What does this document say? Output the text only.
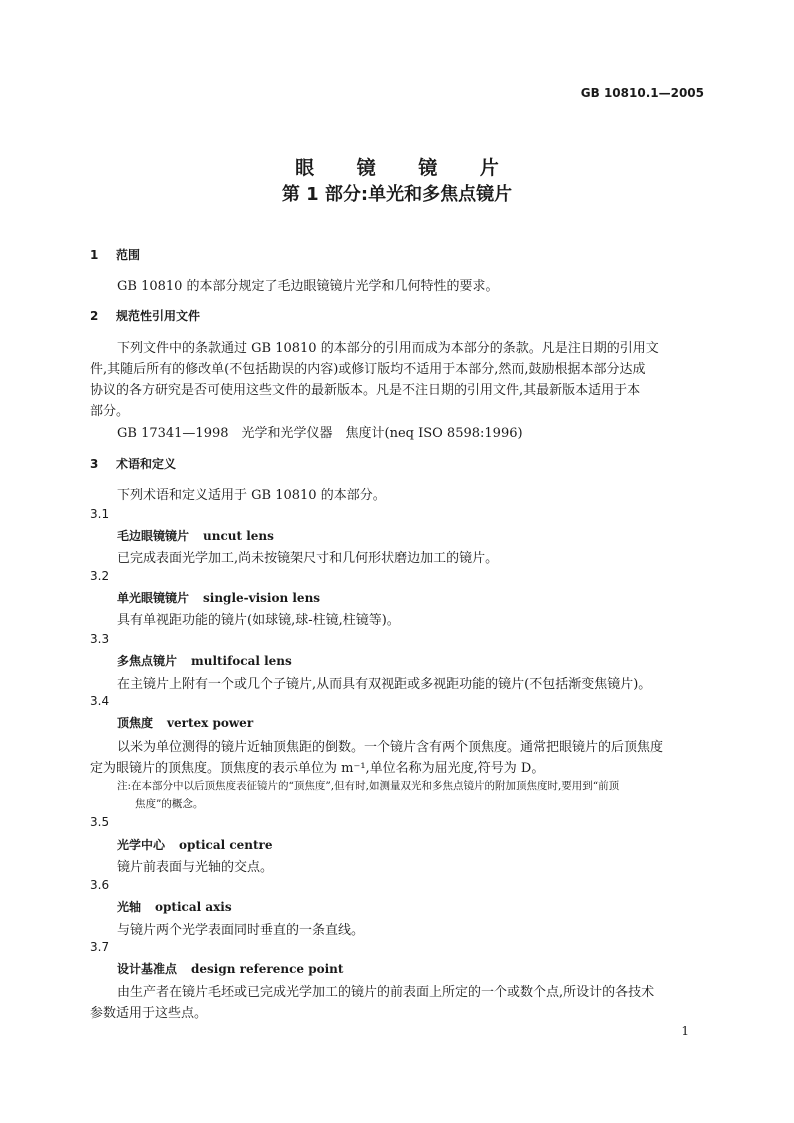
GB 10810.1—2005
眼 镜 镜 片
第 1 部分:单光和多焦点镜片
1 范围
GB 10810 的本部分规定了毛边眼镜镜片光学和几何特性的要求。
2 规范性引用文件
下列文件中的条款通过 GB 10810 的本部分的引用而成为本部分的条款。凡是注日期的引用文
件,其随后所有的修改单(不包括勘误的内容)或修订版均不适用于本部分,然而,鼓励根据本部分达成
协议的各方研究是否可使用这些文件的最新版本。凡是不注日期的引用文件,其最新版本适用于本
部分。
GB 17341—1998　光学和光学仪器　焦度计(neq ISO 8598:1996)
3 术语和定义
下列术语和定义适用于 GB 10810 的本部分。
3.1
毛边眼镜镜片 uncut lens
已完成表面光学加工,尚未按镜架尺寸和几何形状磨边加工的镜片。
3.2
单光眼镜镜片 single-vision lens
具有单视距功能的镜片(如球镜,球-柱镜,柱镜等)。
3.3
多焦点镜片 multifocal lens
在主镜片上附有一个或几个子镜片,从而具有双视距或多视距功能的镜片(不包括渐变焦镜片)。
3.4
顶焦度 vertex power
以米为单位测得的镜片近轴顶焦距的倒数。一个镜片含有两个顶焦度。通常把眼镜片的后顶焦度
定为眼镜片的顶焦度。顶焦度的表示单位为 m⁻¹,单位名称为屈光度,符号为 D。
注:在本部分中以后顶焦度表征镜片的“顶焦度”,但有时,如测量双光和多焦点镜片的附加顶焦度时,要用到“前顶
焦度”的概念。
3.5
光学中心 optical centre
镜片前表面与光轴的交点。
3.6
光轴 optical axis
与镜片两个光学表面同时垂直的一条直线。
3.7
设计基准点 design reference point
由生产者在镜片毛坯或已完成光学加工的镜片的前表面上所定的一个或数个点,所设计的各技术
参数适用于这些点。
1
